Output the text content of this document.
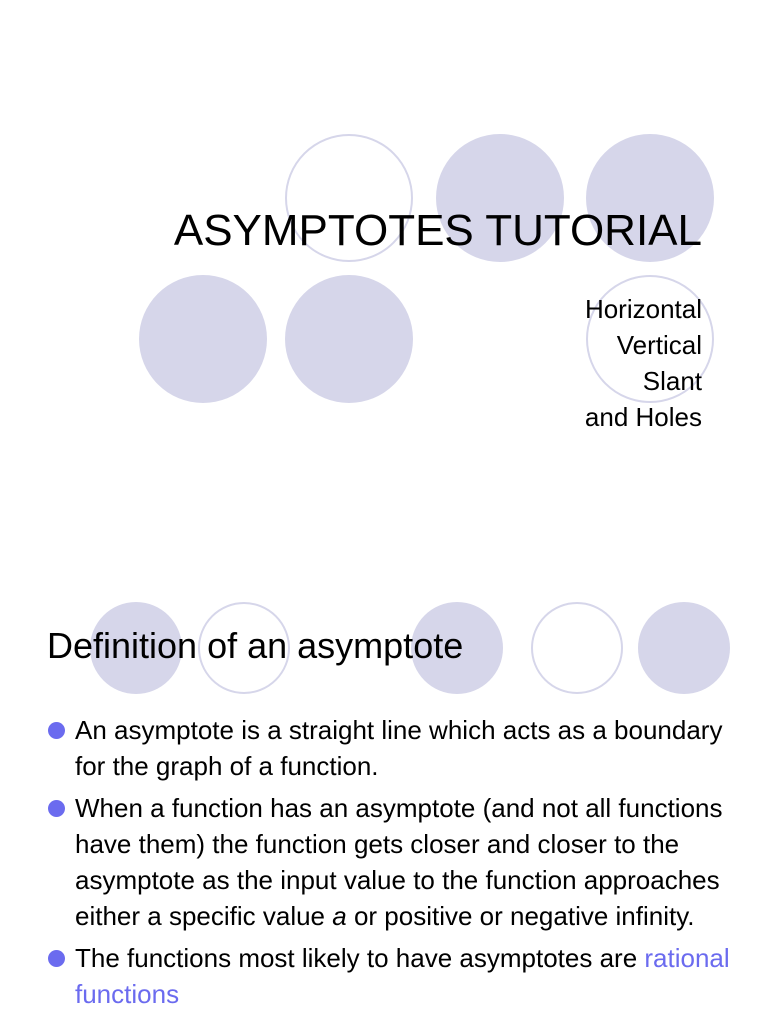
ASYMPTOTES TUTORIAL
Horizontal
Vertical
Slant
and Holes
Definition of an asymptote
An asymptote is a straight line which acts as a boundary for the graph of a function.
When a function has an asymptote (and not all functions have them) the function gets closer and closer to the asymptote as the input value to the function approaches either a specific value a or positive or negative infinity.
The functions most likely to have asymptotes are rational functions
